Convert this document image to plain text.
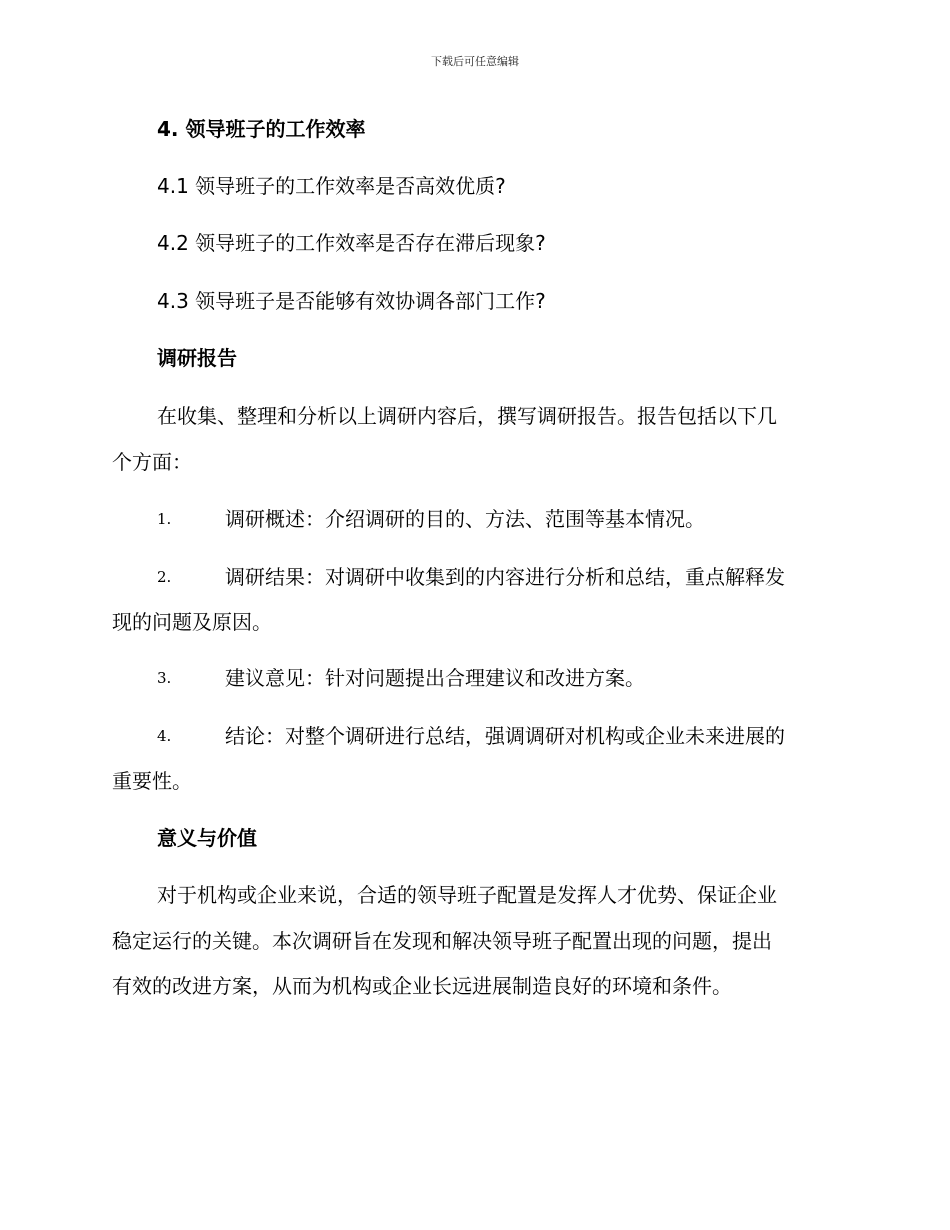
下载后可任意编辑
4. 领导班子的工作效率
4.1 领导班子的工作效率是否高效优质?
4.2 领导班子的工作效率是否存在滞后现象?
4.3 领导班子是否能够有效协调各部门工作?
调研报告
在收集、整理和分析以上调研内容后，撰写调研报告。报告包括以下几
个方面：
1.	调研概述：介绍调研的目的、方法、范围等基本情况。
2.	调研结果：对调研中收集到的内容进行分析和总结，重点解释发
现的问题及原因。
3.	建议意见：针对问题提出合理建议和改进方案。
4.	结论：对整个调研进行总结，强调调研对机构或企业未来进展的
重要性。
意义与价值
对于机构或企业来说，合适的领导班子配置是发挥人才优势、保证企业
稳定运行的关键。本次调研旨在发现和解决领导班子配置出现的问题，提出
有效的改进方案，从而为机构或企业长远进展制造良好的环境和条件。
